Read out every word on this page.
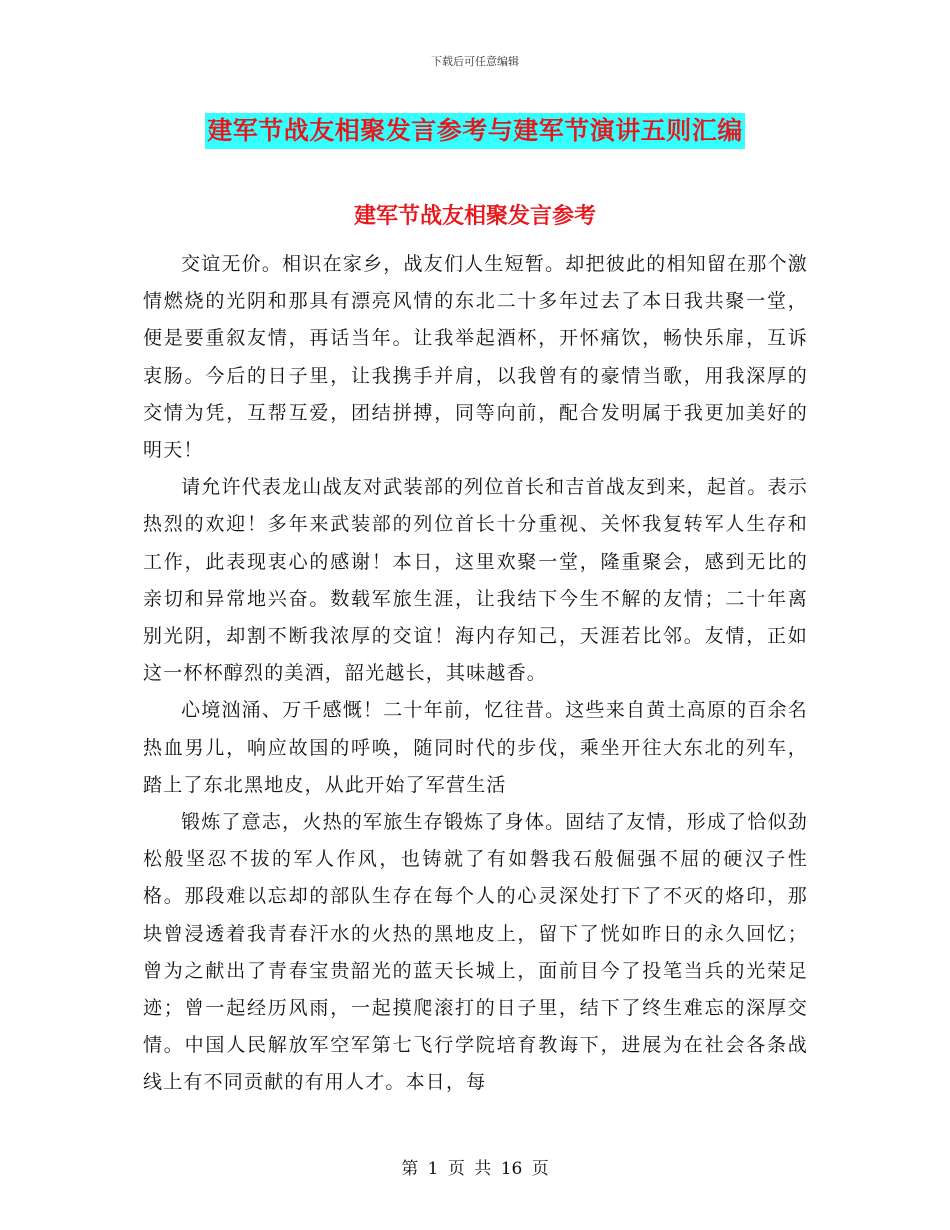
下载后可任意编辑
建军节战友相聚发言参考与建军节演讲五则汇编
建军节战友相聚发言参考

交谊无价。相识在家乡，战友们人生短暂。却把彼此的相知留在那个激情燃烧的光阴和那具有漂亮风情的东北二十多年过去了本日我共聚一堂，便是要重叙友情，再话当年。让我举起酒杯，开怀痛饮，畅快乐扉，互诉衷肠。今后的日子里，让我携手并肩，以我曾有的豪情当歌，用我深厚的交情为凭，互帮互爱，团结拼搏，同等向前，配合发明属于我更加美好的明天！

请允许代表龙山战友对武装部的列位首长和吉首战友到来，起首。表示热烈的欢迎！多年来武装部的列位首长十分重视、关怀我复转军人生存和工作，此表现衷心的感谢！本日，这里欢聚一堂，隆重聚会，感到无比的亲切和异常地兴奋。数载军旅生涯，让我结下今生不解的友情；二十年离别光阴，却割不断我浓厚的交谊！海内存知己，天涯若比邻。友情，正如这一杯杯醇烈的美酒，韶光越长，其味越香。

心境汹涌、万千感慨！二十年前，忆往昔。这些来自黄土高原的百余名热血男儿，响应故国的呼唤，随同时代的步伐，乘坐开往大东北的列车，踏上了东北黑地皮，从此开始了军营生活

锻炼了意志，火热的军旅生存锻炼了身体。固结了友情，形成了恰似劲松般坚忍不拔的军人作风，也铸就了有如磐我石般倔强不屈的硬汉子性格。那段难以忘却的部队生存在每个人的心灵深处打下了不灭的烙印，那块曾浸透着我青春汗水的火热的黑地皮上，留下了恍如昨日的永久回忆；曾为之献出了青春宝贵韶光的蓝天长城上，面前目今了投笔当兵的光荣足迹；曾一起经历风雨，一起摸爬滚打的日子里，结下了终生难忘的深厚交情。中国人民解放军空军第七飞行学院培育教诲下，进展为在社会各条战线上有不同贡献的有用人才。本日，每

第 1 页 共 16 页
